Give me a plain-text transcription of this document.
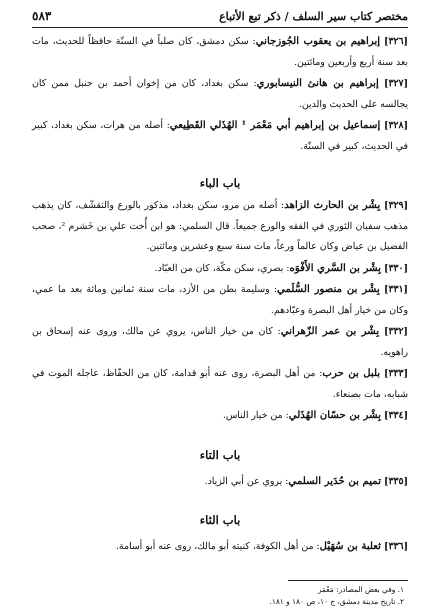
مختصر كتاب سير السلف / ذكر تبع الأتباع
٥٨٣

[٣٢٦] إبراهيم بن يعقوب الجُوزجاني: سكن دمشق، كان صلباً في السنّة حافظاً للحديث، مات بعد سنة أربع وأربعين ومائتين.

[٣٢٧] إبراهيم بن هانئ النيسابوري: سكن بغداد، كان من إخوان أحمد بن حنبل ممن كان يجالسه على الحديث والدين.

[٣٢٨] إسماعيل بن إبراهيم أبي مَعْمَر ¹ الهُذَلي القَطِيعي: أصله من هرات، سكن بغداد، كبير في الحديث، كبير في السنّة.

باب الباء

[٣٢٩] بِشْر بن الحارث الزاهد: أصله من مرو، سكن بغداد، مذكور بالورع والتقشّف، كان يذهب مذهب سفيان الثوري في الفقه والورع جميعاً. قال السلمي: هو ابن أُخت علي بن خَشرم ²، صحب الفضيل بن عياض وكان عالماً ورعاً، مات سنة سبع وعشرين ومائتين.

[٣٣٠] بِشْر بن السَّري الأَفْوَه: بصري، سكن مكّة، كان من العبّاد.

[٣٣١] بِشْر بن منصور السُّلَمي: وسليمة بطن من الأزد، مات سنة ثمانين ومائة بعد ما عمي، وكان من خيار أهل البصرة وعبّادهم.

[٣٣٢] بِشْر بن عمر الزّهراني: كان من خيار الناس، يروي عن مالك، وروى عنه إسحاق بن راهويه.

[٣٣٣] بلبل بن حرب: من أهل البصرة، روى عنه أبو قدامة، كان من الحفّاظ، عاجله الموت في شبابه، مات بصنعاء.

[٣٣٤] بِشْر بن حسّان الهُذَلي: من خيار الناس.

باب التاء

[٣٣٥] تميم بن حُدَير السلمي: يروي عن أبي الزياد.

باب الثاء

[٣٣٦] ثعلبة بن سُهَيْل: من أهل الكوفة، كنيته أبو مالك، روى عنه أبو أسامة.

١. وفي بعض المصادر: مَعْمَر
٢. تاريخ مدينة دمشق، ج ١٠، ص ١٨٠ و ١٨١.
